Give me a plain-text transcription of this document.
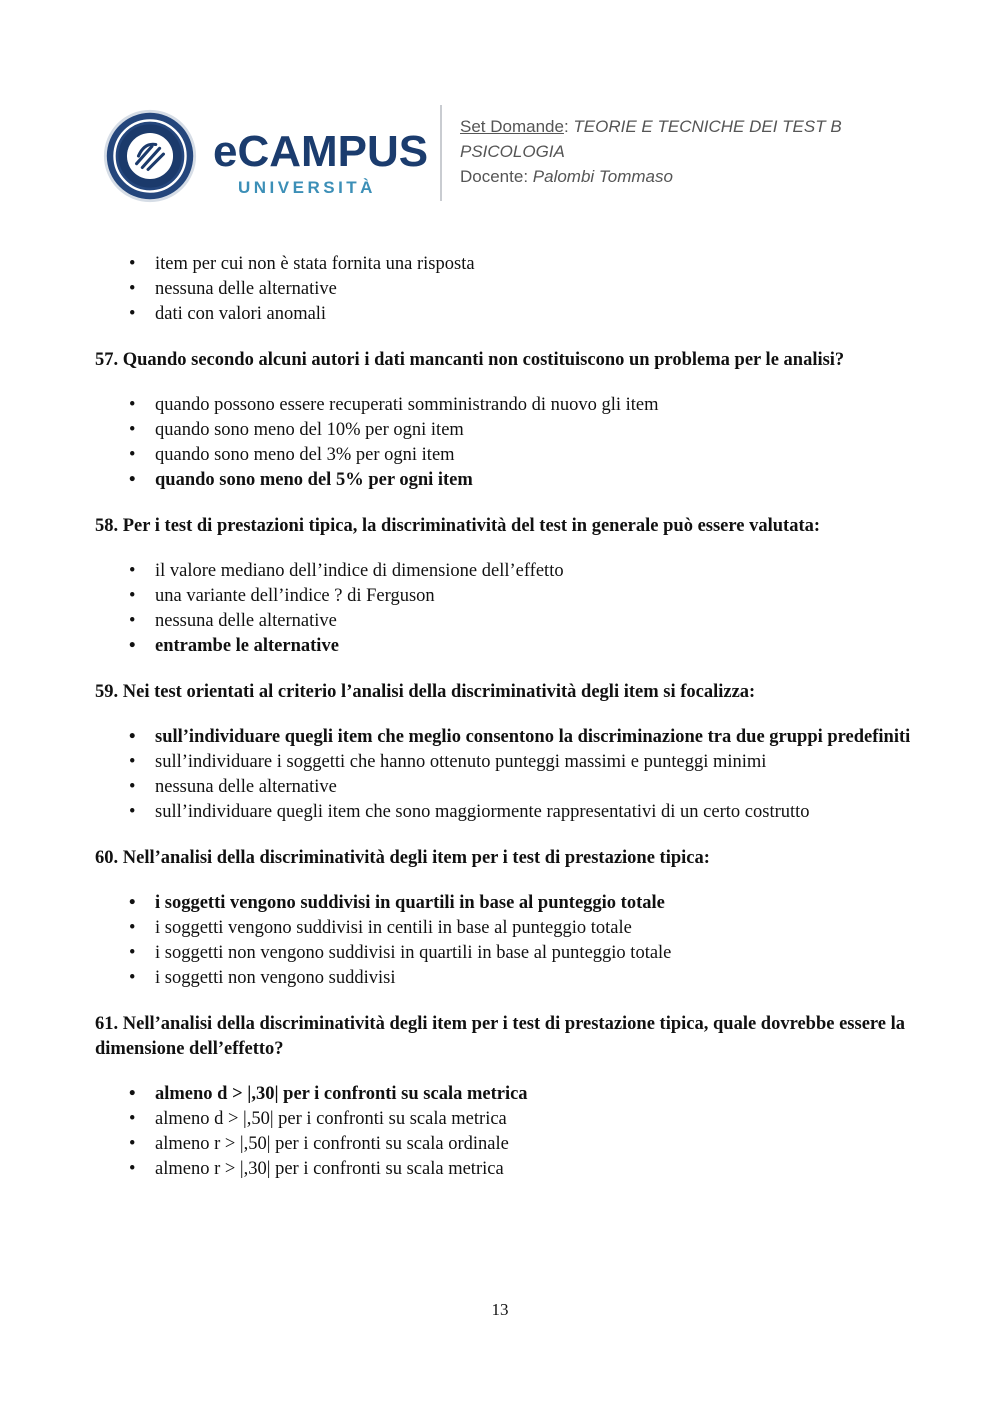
eCAMPUS
UNIVERSITÀ
Set Domande: TEORIE E TECNICHE DEI TEST B
PSICOLOGIA
Docente: Palombi Tommaso
• item per cui non è stata fornita una risposta
• nessuna delle alternative
• dati con valori anomali
57. Quando secondo alcuni autori i dati mancanti non costituiscono un problema per le analisi?
• quando possono essere recuperati somministrando di nuovo gli item
• quando sono meno del 10% per ogni item
• quando sono meno del 3% per ogni item
• quando sono meno del 5% per ogni item
58. Per i test di prestazioni tipica, la discriminatività del test in generale può essere valutata:
• il valore mediano dell’indice di dimensione dell’effetto
• una variante dell’indice ? di Ferguson
• nessuna delle alternative
• entrambe le alternative
59. Nei test orientati al criterio l’analisi della discriminatività degli item si focalizza:
• sull’individuare quegli item che meglio consentono la discriminazione tra due gruppi predefiniti
• sull’individuare i soggetti che hanno ottenuto punteggi massimi e punteggi minimi
• nessuna delle alternative
• sull’individuare quegli item che sono maggiormente rappresentativi di un certo costrutto
60. Nell’analisi della discriminatività degli item per i test di prestazione tipica:
• i soggetti vengono suddivisi in quartili in base al punteggio totale
• i soggetti vengono suddivisi in centili in base al punteggio totale
• i soggetti non vengono suddivisi in quartili in base al punteggio totale
• i soggetti non vengono suddivisi
61. Nell’analisi della discriminatività degli item per i test di prestazione tipica, quale dovrebbe essere la dimensione dell’effetto?
• almeno d > |,30| per i confronti su scala metrica
• almeno d > |,50| per i confronti su scala metrica
• almeno r > |,50| per i confronti su scala ordinale
• almeno r > |,30| per i confronti su scala metrica
13
